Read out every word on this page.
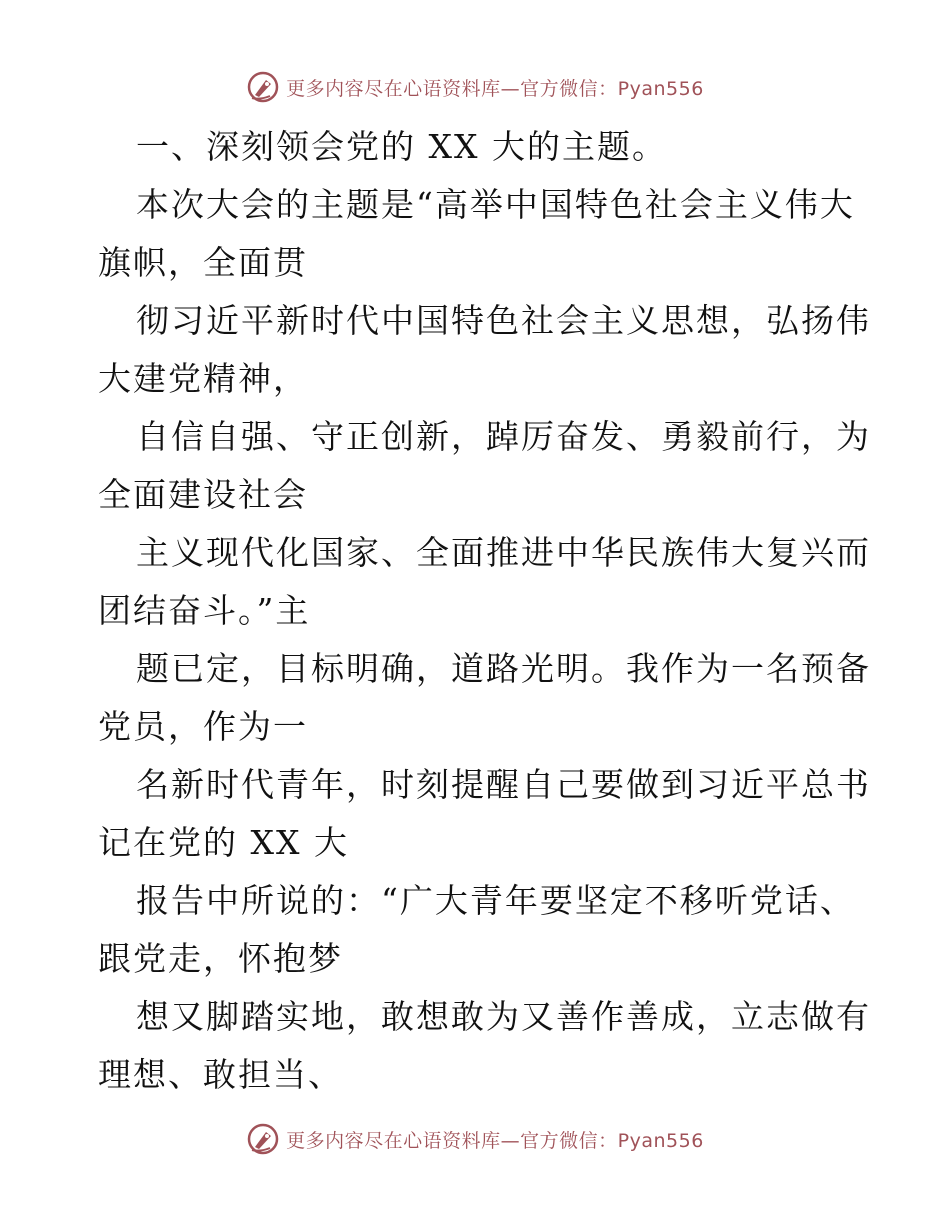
更多内容尽在心语资料库—官方微信：Pyan556
一、深刻领会党的 XX 大的主题。
本次大会的主题是“高举中国特色社会主义伟大
旗帜，全面贯
彻习近平新时代中国特色社会主义思想，弘扬伟
大建党精神，
自信自强、守正创新，踔厉奋发、勇毅前行，为
全面建设社会
主义现代化国家、全面推进中华民族伟大复兴而
团结奋斗。”主
题已定，目标明确，道路光明。我作为一名预备
党员，作为一
名新时代青年，时刻提醒自己要做到习近平总书
记在党的 XX 大
报告中所说的：“广大青年要坚定不移听党话、
跟党走，怀抱梦
想又脚踏实地，敢想敢为又善作善成，立志做有
理想、敢担当、
更多内容尽在心语资料库—官方微信：Pyan556
